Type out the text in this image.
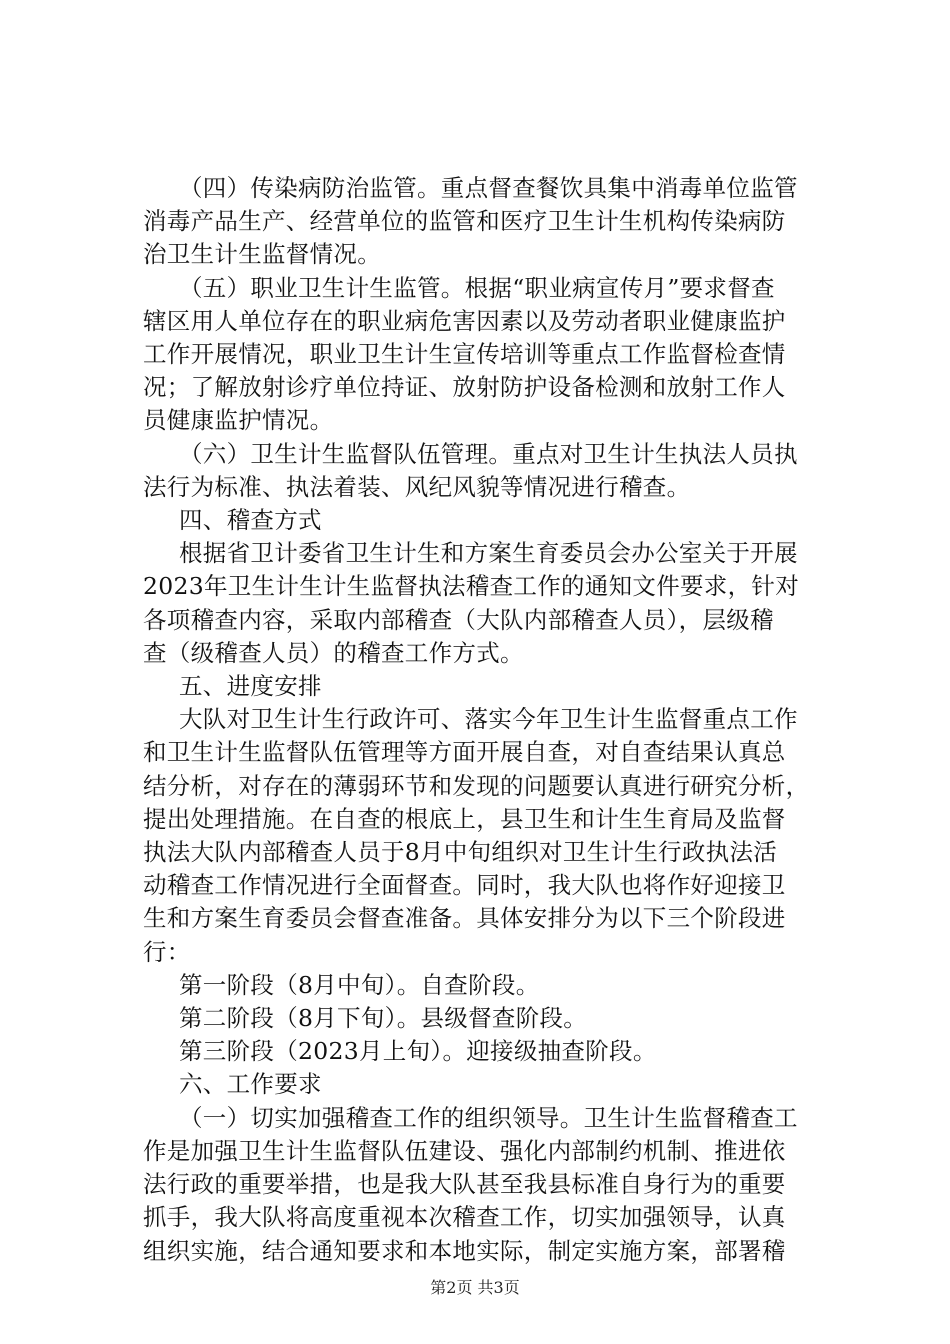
（四）传染病防治监管。重点督查餐饮具集中消毒单位监管
消毒产品生产、经营单位的监管和医疗卫生计生机构传染病防
治卫生计生监督情况。

（五）职业卫生计生监管。根据“职业病宣传月”要求督查
辖区用人单位存在的职业病危害因素以及劳动者职业健康监护
工作开展情况，职业卫生计生宣传培训等重点工作监督检查情
况；了解放射诊疗单位持证、放射防护设备检测和放射工作人
员健康监护情况。

（六）卫生计生监督队伍管理。重点对卫生计生执法人员执
法行为标准、执法着装、风纪风貌等情况进行稽查。

四、稽查方式

根据省卫计委省卫生计生和方案生育委员会办公室关于开展
2023年卫生计生计生监督执法稽查工作的通知文件要求，针对
各项稽查内容，采取内部稽查（大队内部稽查人员），层级稽
查（级稽查人员）的稽查工作方式。

五、进度安排

大队对卫生计生行政许可、落实今年卫生计生监督重点工作
和卫生计生监督队伍管理等方面开展自查，对自查结果认真总
结分析，对存在的薄弱环节和发现的问题要认真进行研究分析，
提出处理措施。在自查的根底上，县卫生和计生生育局及监督
执法大队内部稽查人员于8月中旬组织对卫生计生行政执法活
动稽查工作情况进行全面督查。同时，我大队也将作好迎接卫
生和方案生育委员会督查准备。具体安排分为以下三个阶段进
行：

第一阶段（8月中旬）。自查阶段。

第二阶段（8月下旬）。县级督查阶段。

第三阶段（2023月上旬）。迎接级抽查阶段。

六、工作要求

（一）切实加强稽查工作的组织领导。卫生计生监督稽查工
作是加强卫生计生监督队伍建设、强化内部制约机制、推进依
法行政的重要举措，也是我大队甚至我县标准自身行为的重要
抓手，我大队将高度重视本次稽查工作，切实加强领导，认真
组织实施，结合通知要求和本地实际，制定实施方案，部署稽

第2页 共3页
